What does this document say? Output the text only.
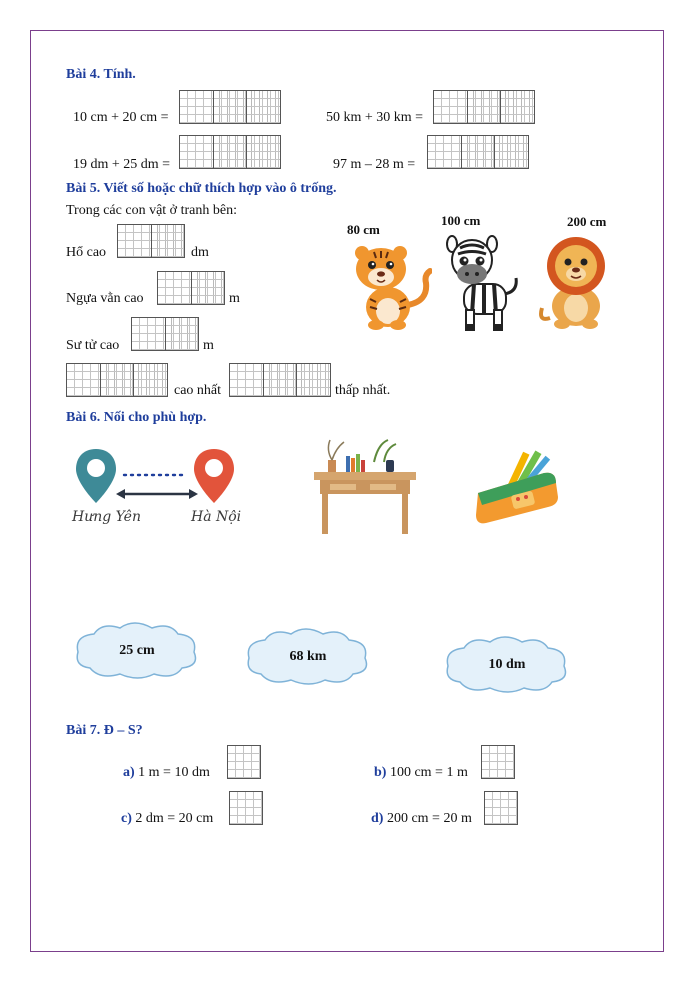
Bài 4. Tính.
10 cm + 20 cm =	50 km + 30 km =
19 dm + 25 dm =	97 m – 28 m =
Bài 5. Viết số hoặc chữ thích hợp vào ô trống.
Trong các con vật ở tranh bên:
Hổ cao	dm
Ngựa vằn cao	m
Sư tử cao	m
cao nhất	thấp nhất.
80 cm
100 cm	200 cm
Bài 6. Nối cho phù hợp.
Hưng Yên	Hà Nội
25 cm	68 km
10 dm
Bài 7. Đ – S?
a) 1 m = 10 dm	b) 100 cm = 1 m
c) 2 dm = 20 cm	d) 200 cm = 20 m
